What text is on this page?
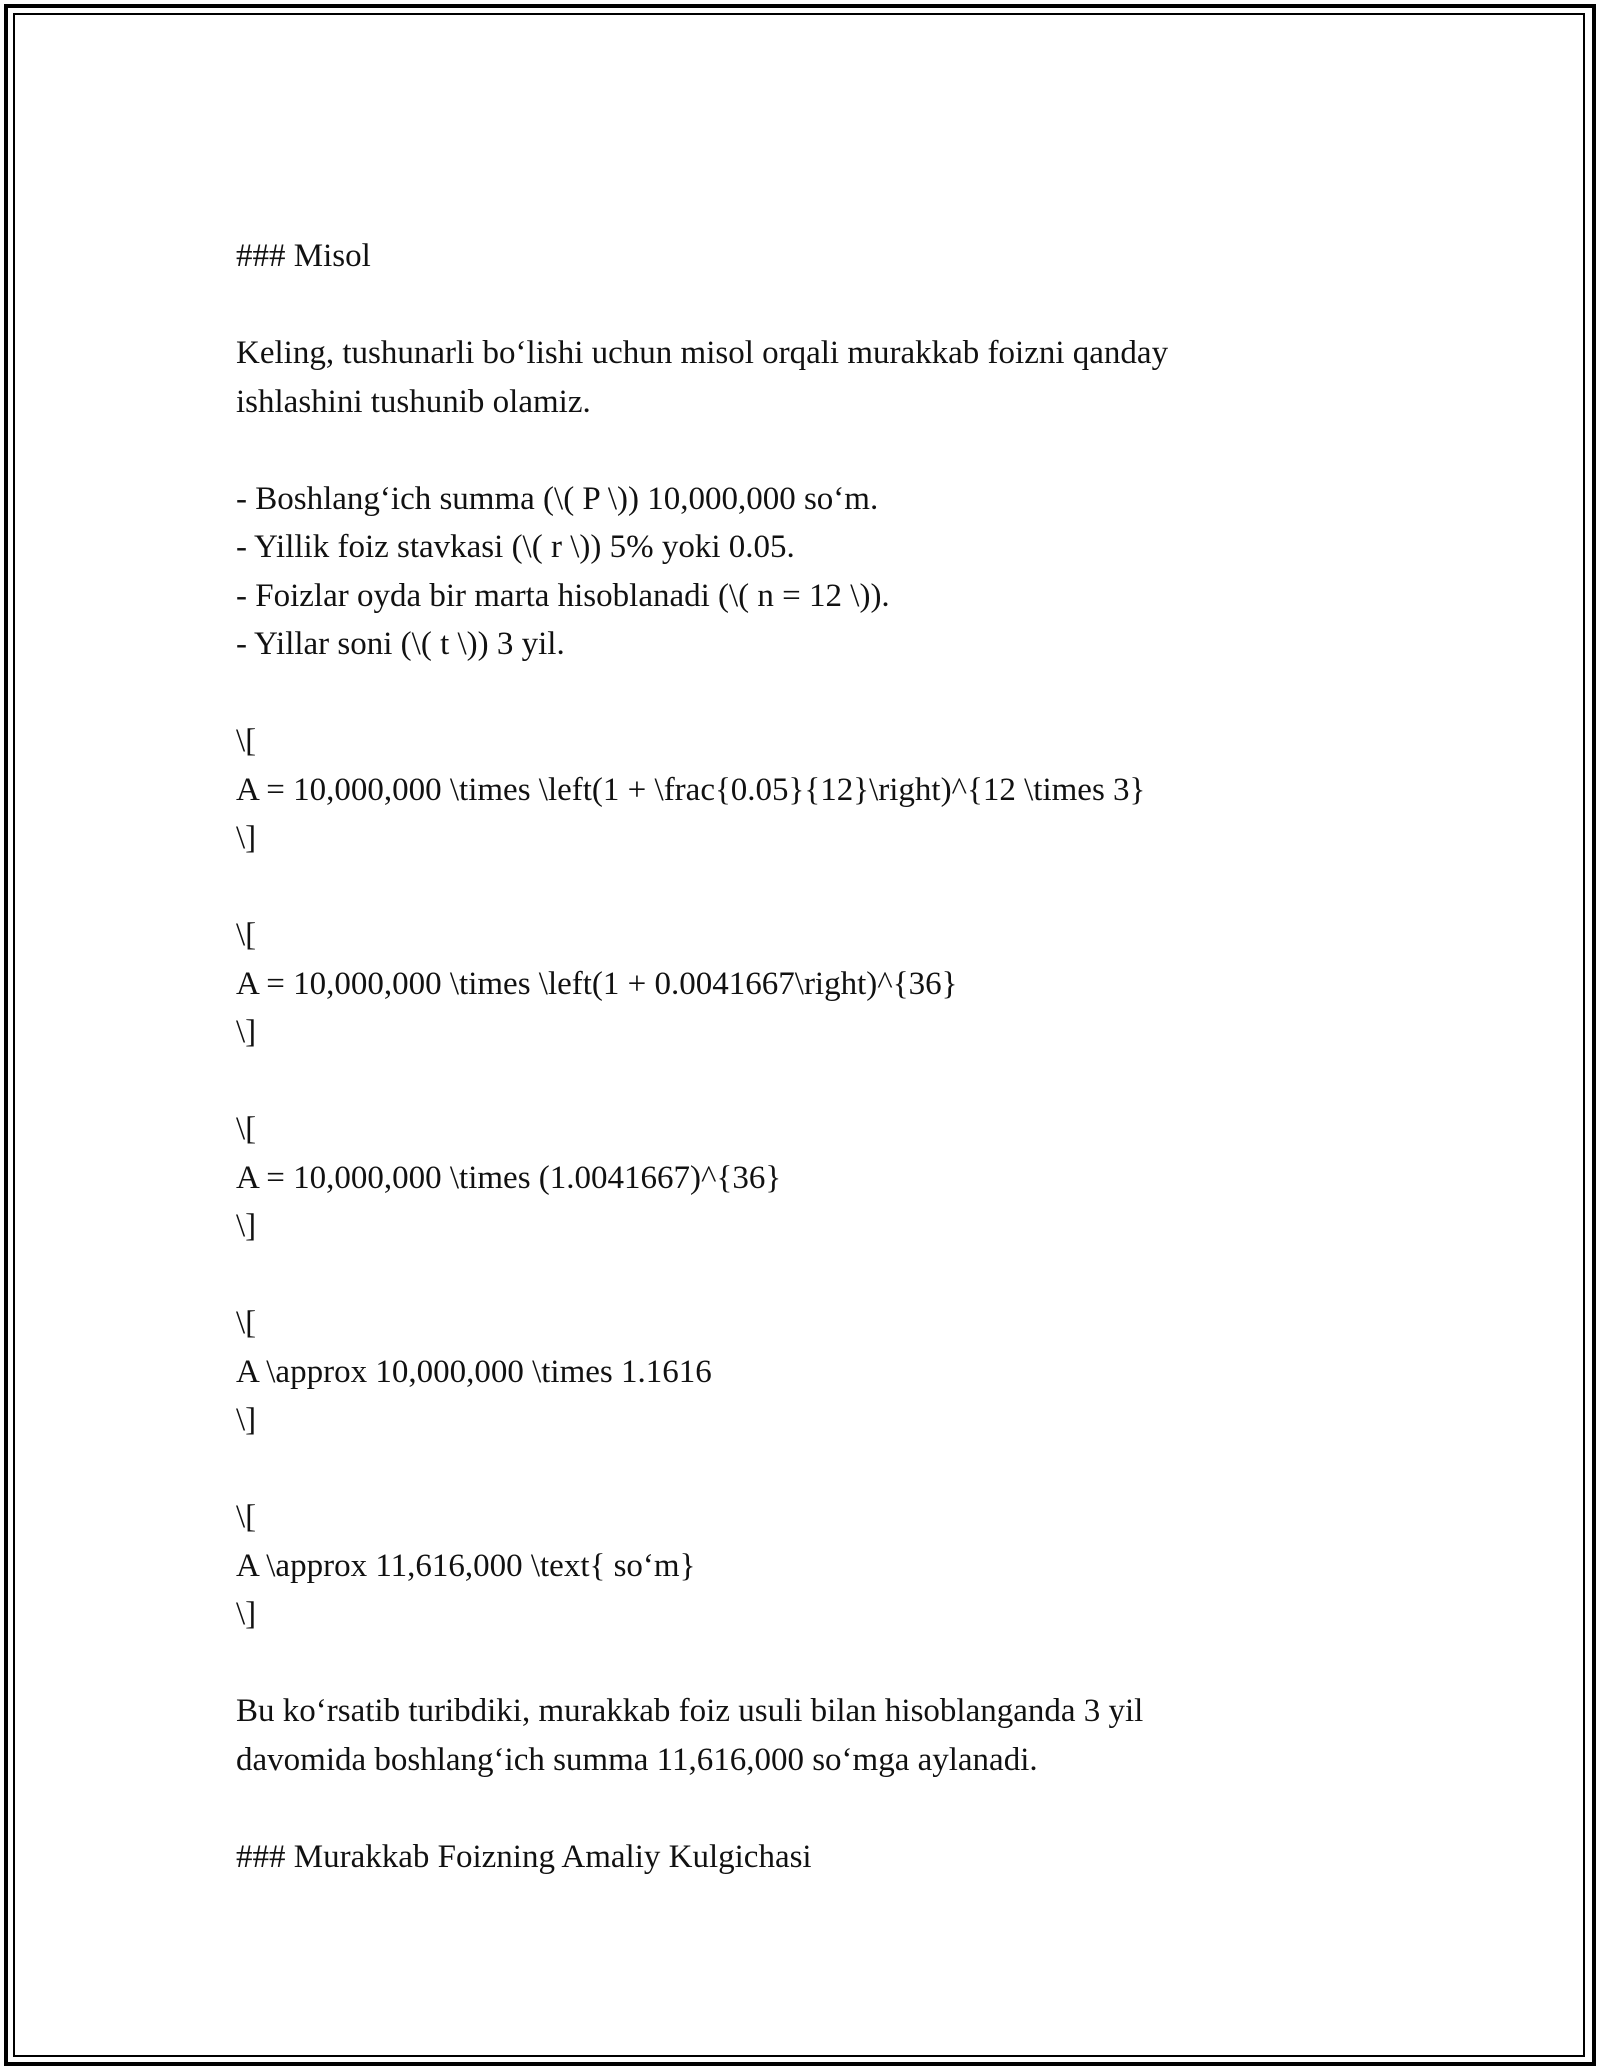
### Misol
Keling, tushunarli bo‘lishi uchun misol orqali murakkab foizni qanday
ishlashini tushunib olamiz.
- Boshlang‘ich summa (\( P \)) 10,000,000 so‘m.
- Yillik foiz stavkasi (\( r \)) 5% yoki 0.05.
- Foizlar oyda bir marta hisoblanadi (\( n = 12 \)).
- Yillar soni (\( t \)) 3 yil.
\[
A = 10,000,000 \times \left(1 + \frac{0.05}{12}\right)^{12 \times 3}
\]
\[
A = 10,000,000 \times \left(1 + 0.0041667\right)^{36}
\]
\[
A = 10,000,000 \times (1.0041667)^{36}
\]
\[
A \approx 10,000,000 \times 1.1616
\]
\[
A \approx 11,616,000 \text{ so‘m}
\]
Bu ko‘rsatib turibdiki, murakkab foiz usuli bilan hisoblanganda 3 yil
davomida boshlang‘ich summa 11,616,000 so‘mga aylanadi.
### Murakkab Foizning Amaliy Kulgichasi
